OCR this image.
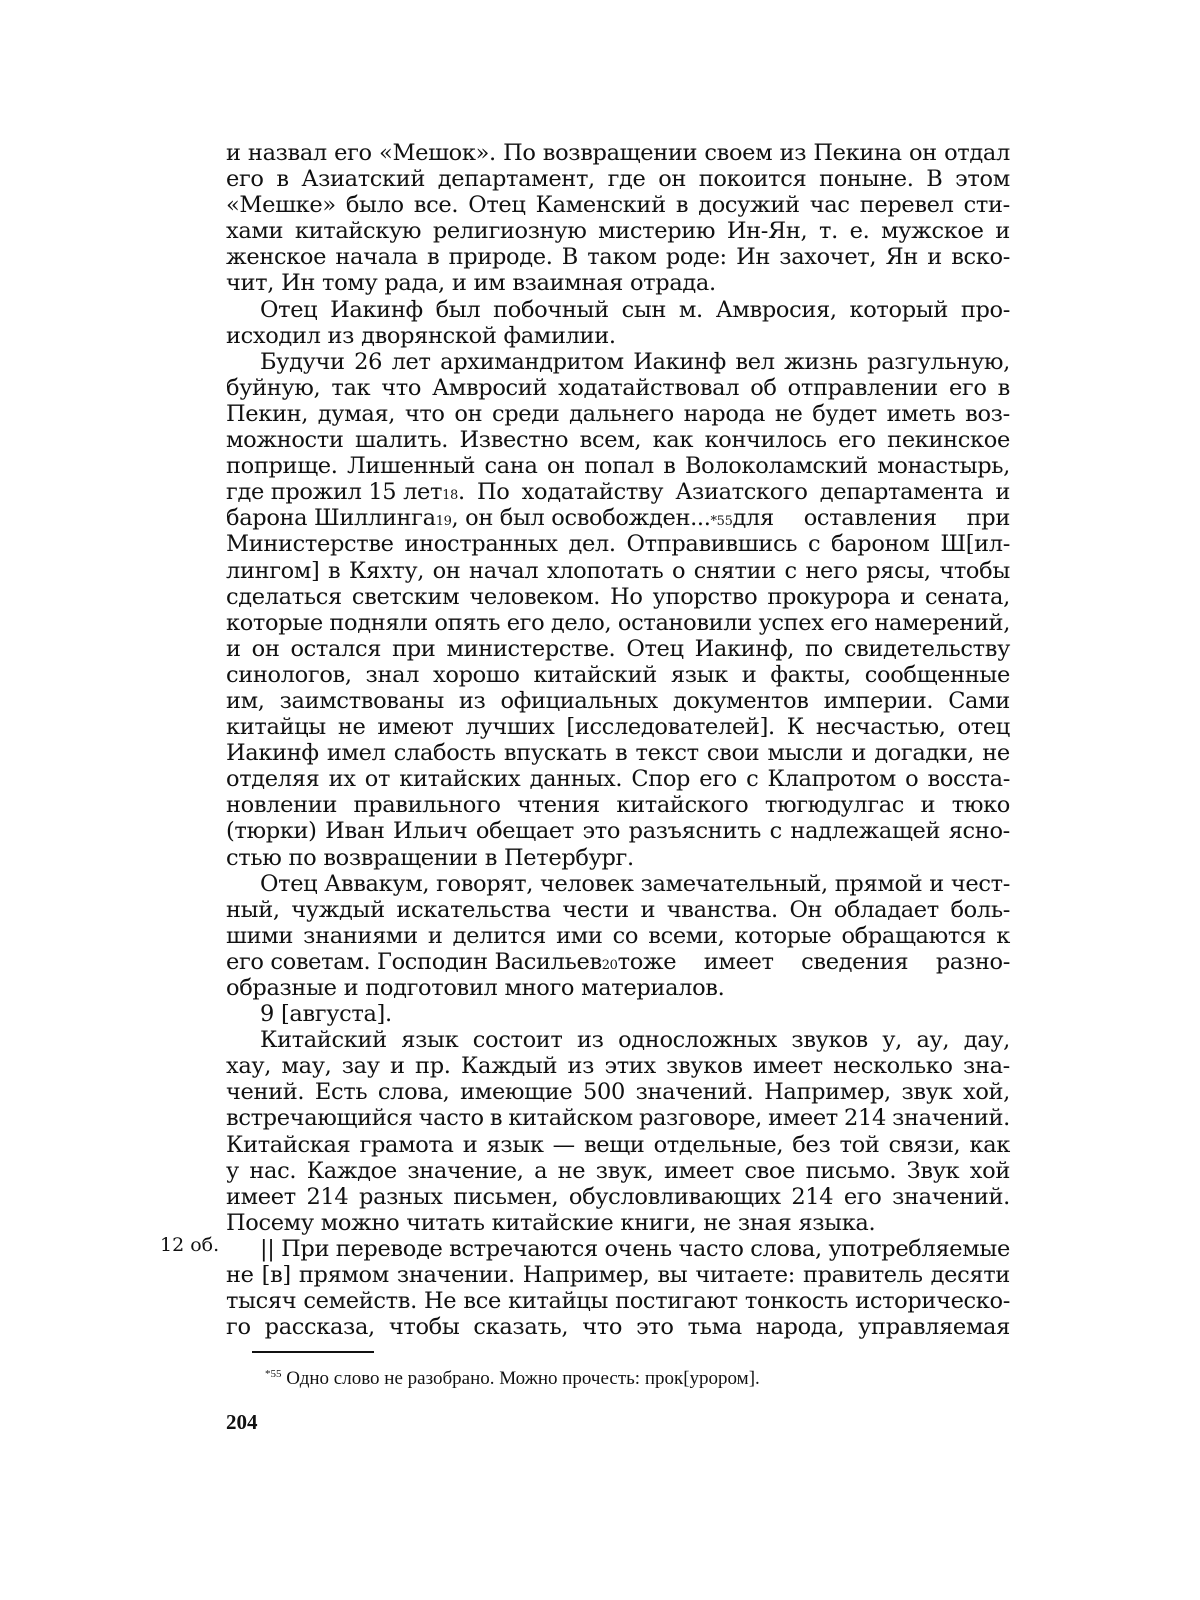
и назвал его «Мешок». По возвращении своем из Пекина он отдал
его в Азиатский департамент, где он покоится поныне. В этом
«Мешке» было все. Отец Каменский в досужий час перевел сти-
хами китайскую религиозную мистерию Ин-Ян, т. е. мужское и
женское начала в природе. В таком роде: Ин захочет, Ян и вско-
чит, Ин тому рада, и им взаимная отрада.
Отец Иакинф был побочный сын м. Амвросия, который про-
исходил из дворянской фамилии.
Будучи 26 лет архимандритом Иакинф вел жизнь разгульную,
буйную, так что Амвросий ходатайствовал об отправлении его в
Пекин, думая, что он среди дальнего народа не будет иметь воз-
можности шалить. Известно всем, как кончилось его пекинское
поприще. Лишенный сана он попал в Волоколамский монастырь,
где прожил 15 лет 18 . По ходатайству Азиатского департамента и
барона Шиллинга 19 , он был освобожден... *55 для оставления при
Министерстве иностранных дел. Отправившись с бароном Ш[ил-
лингом] в Кяхту, он начал хлопотать о снятии с него рясы, чтобы
сделаться светским человеком. Но упорство прокурора и сената,
которые подняли опять его дело, остановили успех его намерений,
и он остался при министерстве. Отец Иакинф, по свидетельству
синологов, знал хорошо китайский язык и факты, сообщенные
им, заимствованы из официальных документов империи. Сами
китайцы не имеют лучших [исследователей]. К несчастью, отец
Иакинф имел слабость впускать в текст свои мысли и догадки, не
отделяя их от китайских данных. Спор его с Клапротом о восста-
новлении правильного чтения китайского тюгюдулгас и тюко
(тюрки) Иван Ильич обещает это разъяснить с надлежащей ясно-
стью по возвращении в Петербург.
Отец Аввакум, говорят, человек замечательный, прямой и чест-
ный, чуждый искательства чести и чванства. Он обладает боль-
шими знаниями и делится ими со всеми, которые обращаются к
его советам. Господин Васильев 20 тоже имеет сведения разно-
образные и подготовил много материалов.
9 [августа].
Китайский язык состоит из односложных звуков у, ау, дау,
хау, мау, зау и пр. Каждый из этих звуков имеет несколько зна-
чений. Есть слова, имеющие 500 значений. Например, звук хой,
встречающийся часто в китайском разговоре, имеет 214 значений.
Китайская грамота и язык — вещи отдельные, без той связи, как
у нас. Каждое значение, а не звук, имеет свое письмо. Звук хой
имеет 214 разных письмен, обусловливающих 214 его значений.
Посему можно читать китайские книги, не зная языка.
|| При переводе встречаются очень часто слова, употребляемые
не [в] прямом значении. Например, вы читаете: правитель десяти
тысяч семейств. Не все китайцы постигают тонкость историческо-
го рассказа, чтобы сказать, что это тьма народа, управляемая
12 об.
$^{*55}$ Одно слово не разобрано. Можно прочесть: прок[урором].
204
